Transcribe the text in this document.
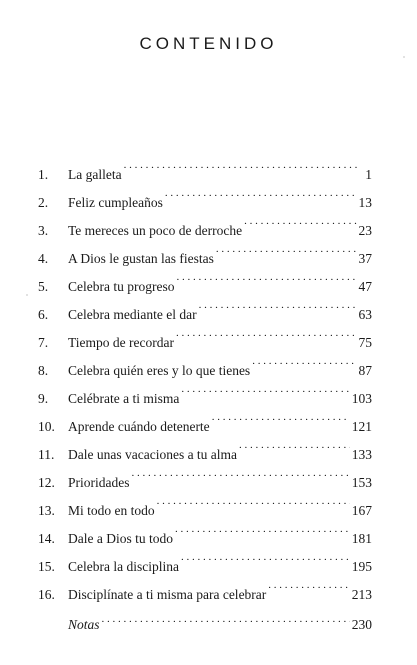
CONTENIDO
1.	La galleta . . .	1
2.	Feliz cumpleaños . . .	13
3.	Te mereces un poco de derroche . . .	23
4.	A Dios le gustan las fiestas . . .	37
5.	Celebra tu progreso . . .	47
6.	Celebra mediante el dar . . .	63
7.	Tiempo de recordar . . .	75
8.	Celebra quién eres y lo que tienes . . .	87
9.	Celébrate a ti misma . . .	103
10. Aprende cuándo detenerte . . .	121
11.	Dale unas vacaciones a tu alma . . .	133
12. Prioridades . . .	153
13. Mi todo en todo . . .	167
14. Dale a Dios tu todo . . .	181
15. Celebra la disciplina . . .	195
16. Disciplínate a ti misma para celebrar . . .	213
Notas . . .	230
